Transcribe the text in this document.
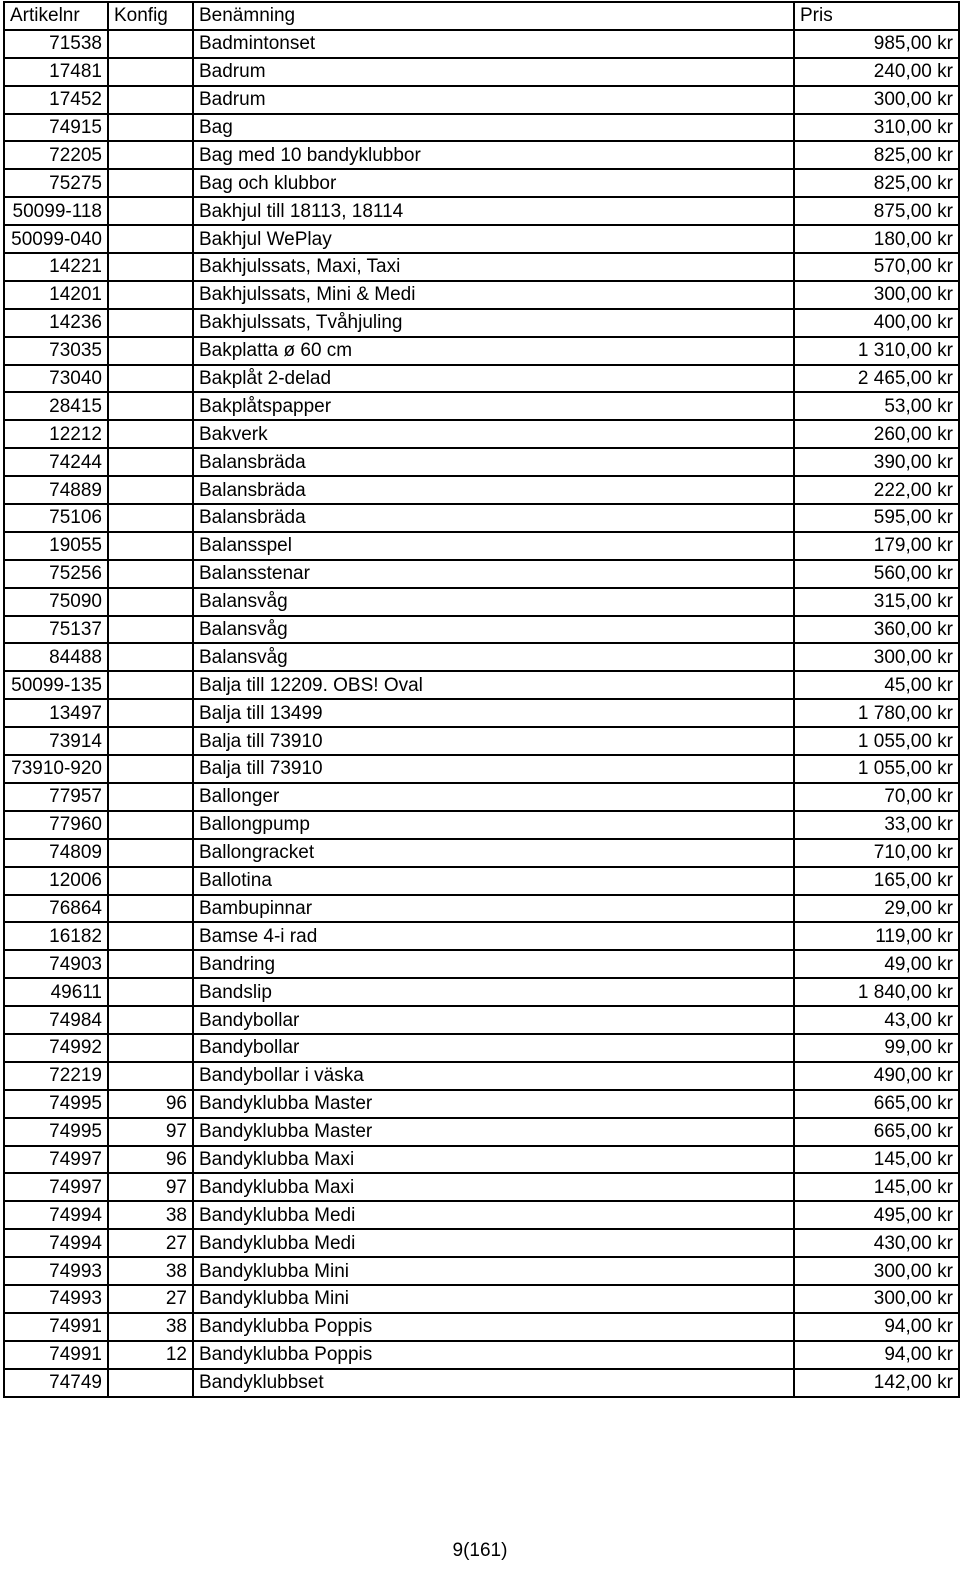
Artikelnr	Konfig	Benämning	Pris
71538		Badmintonset	985,00 kr
17481		Badrum	240,00 kr
17452		Badrum	300,00 kr
74915		Bag	310,00 kr
72205		Bag med 10 bandyklubbor	825,00 kr
75275		Bag och klubbor	825,00 kr
50099-118		Bakhjul till 18113, 18114	875,00 kr
50099-040		Bakhjul WePlay	180,00 kr
14221		Bakhjulssats, Maxi, Taxi	570,00 kr
14201		Bakhjulssats, Mini & Medi	300,00 kr
14236		Bakhjulssats, Tvåhjuling	400,00 kr
73035		Bakplatta ø 60 cm	1 310,00 kr
73040		Bakplåt 2-delad	2 465,00 kr
28415		Bakplåtspapper	53,00 kr
12212		Bakverk	260,00 kr
74244		Balansbräda	390,00 kr
74889		Balansbräda	222,00 kr
75106		Balansbräda	595,00 kr
19055		Balansspel	179,00 kr
75256		Balansstenar	560,00 kr
75090		Balansvåg	315,00 kr
75137		Balansvåg	360,00 kr
84488		Balansvåg	300,00 kr
50099-135		Balja till 12209. OBS! Oval	45,00 kr
13497		Balja till 13499	1 780,00 kr
73914		Balja till 73910	1 055,00 kr
73910-920		Balja till 73910	1 055,00 kr
77957		Ballonger	70,00 kr
77960		Ballongpump	33,00 kr
74809		Ballongracket	710,00 kr
12006		Ballotina	165,00 kr
76864		Bambupinnar	29,00 kr
16182		Bamse 4-i rad	119,00 kr
74903		Bandring	49,00 kr
49611		Bandslip	1 840,00 kr
74984		Bandybollar	43,00 kr
74992		Bandybollar	99,00 kr
72219		Bandybollar i väska	490,00 kr
74995	96	Bandyklubba Master	665,00 kr
74995	97	Bandyklubba Master	665,00 kr
74997	96	Bandyklubba Maxi	145,00 kr
74997	97	Bandyklubba Maxi	145,00 kr
74994	38	Bandyklubba Medi	495,00 kr
74994	27	Bandyklubba Medi	430,00 kr
74993	38	Bandyklubba Mini	300,00 kr
74993	27	Bandyklubba Mini	300,00 kr
74991	38	Bandyklubba Poppis	94,00 kr
74991	12	Bandyklubba Poppis	94,00 kr
74749		Bandyklubbset	142,00 kr
9(161)
